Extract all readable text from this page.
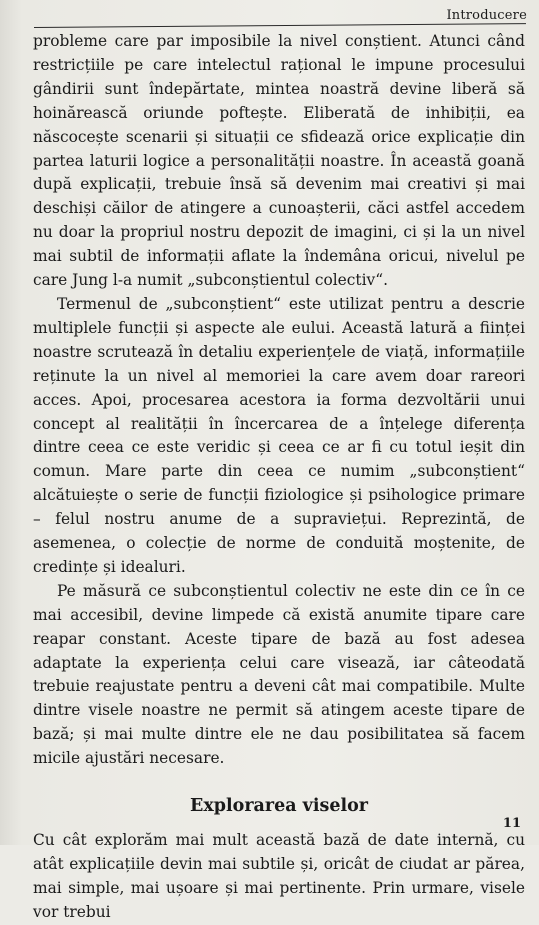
Introducere

probleme care par imposibile la nivel conștient. Atunci când restricțiile pe care intelectul rațional le impune procesului gândirii sunt îndepărtate, mintea noastră devine liberă să hoinărească oriunde poftește. Eliberată de inhibiții, ea născocește scenarii și situații ce sfidează orice explicație din partea laturii logice a personalității noastre. În această goană după explicații, trebuie însă să devenim mai creativi și mai deschiși căilor de atingere a cunoașterii, căci astfel accedem nu doar la propriul nostru depozit de imagini, ci și la un nivel mai subtil de informații aflate la îndemâna oricui, nivelul pe care Jung l-a numit „subconștientul colectiv“.

Termenul de „subconștient“ este utilizat pentru a descrie multiplele funcții și aspecte ale eului. Această latură a ființei noastre scrutează în detaliu experiențele de viață, informațiile reținute la un nivel al memoriei la care avem doar rareori acces. Apoi, procesarea acestora ia forma dezvoltării unui concept al realității în încercarea de a înțelege diferența dintre ceea ce este veridic și ceea ce ar fi cu totul ieșit din comun. Mare parte din ceea ce numim „subconștient“ alcătuiește o serie de funcții fiziologice și psihologice primare – felul nostru anume de a supraviețui. Reprezintă, de asemenea, o colecție de norme de conduită moștenite, de credințe și idealuri.

Pe măsură ce subconștientul colectiv ne este din ce în ce mai accesibil, devine limpede că există anumite tipare care reapar constant. Aceste tipare de bază au fost adesea adaptate la experiența celui care visează, iar câteodată trebuie reajustate pentru a deveni cât mai compatibile. Multe dintre visele noastre ne permit să atingem aceste tipare de bază; și mai multe dintre ele ne dau posibilitatea să facem micile ajustări necesare.

Explorarea viselor

Cu cât explorăm mai mult această bază de date internă, cu atât explicațiile devin mai subtile și, oricât de ciudat ar părea, mai simple, mai ușoare și mai pertinente. Prin urmare, visele vor trebui

11
